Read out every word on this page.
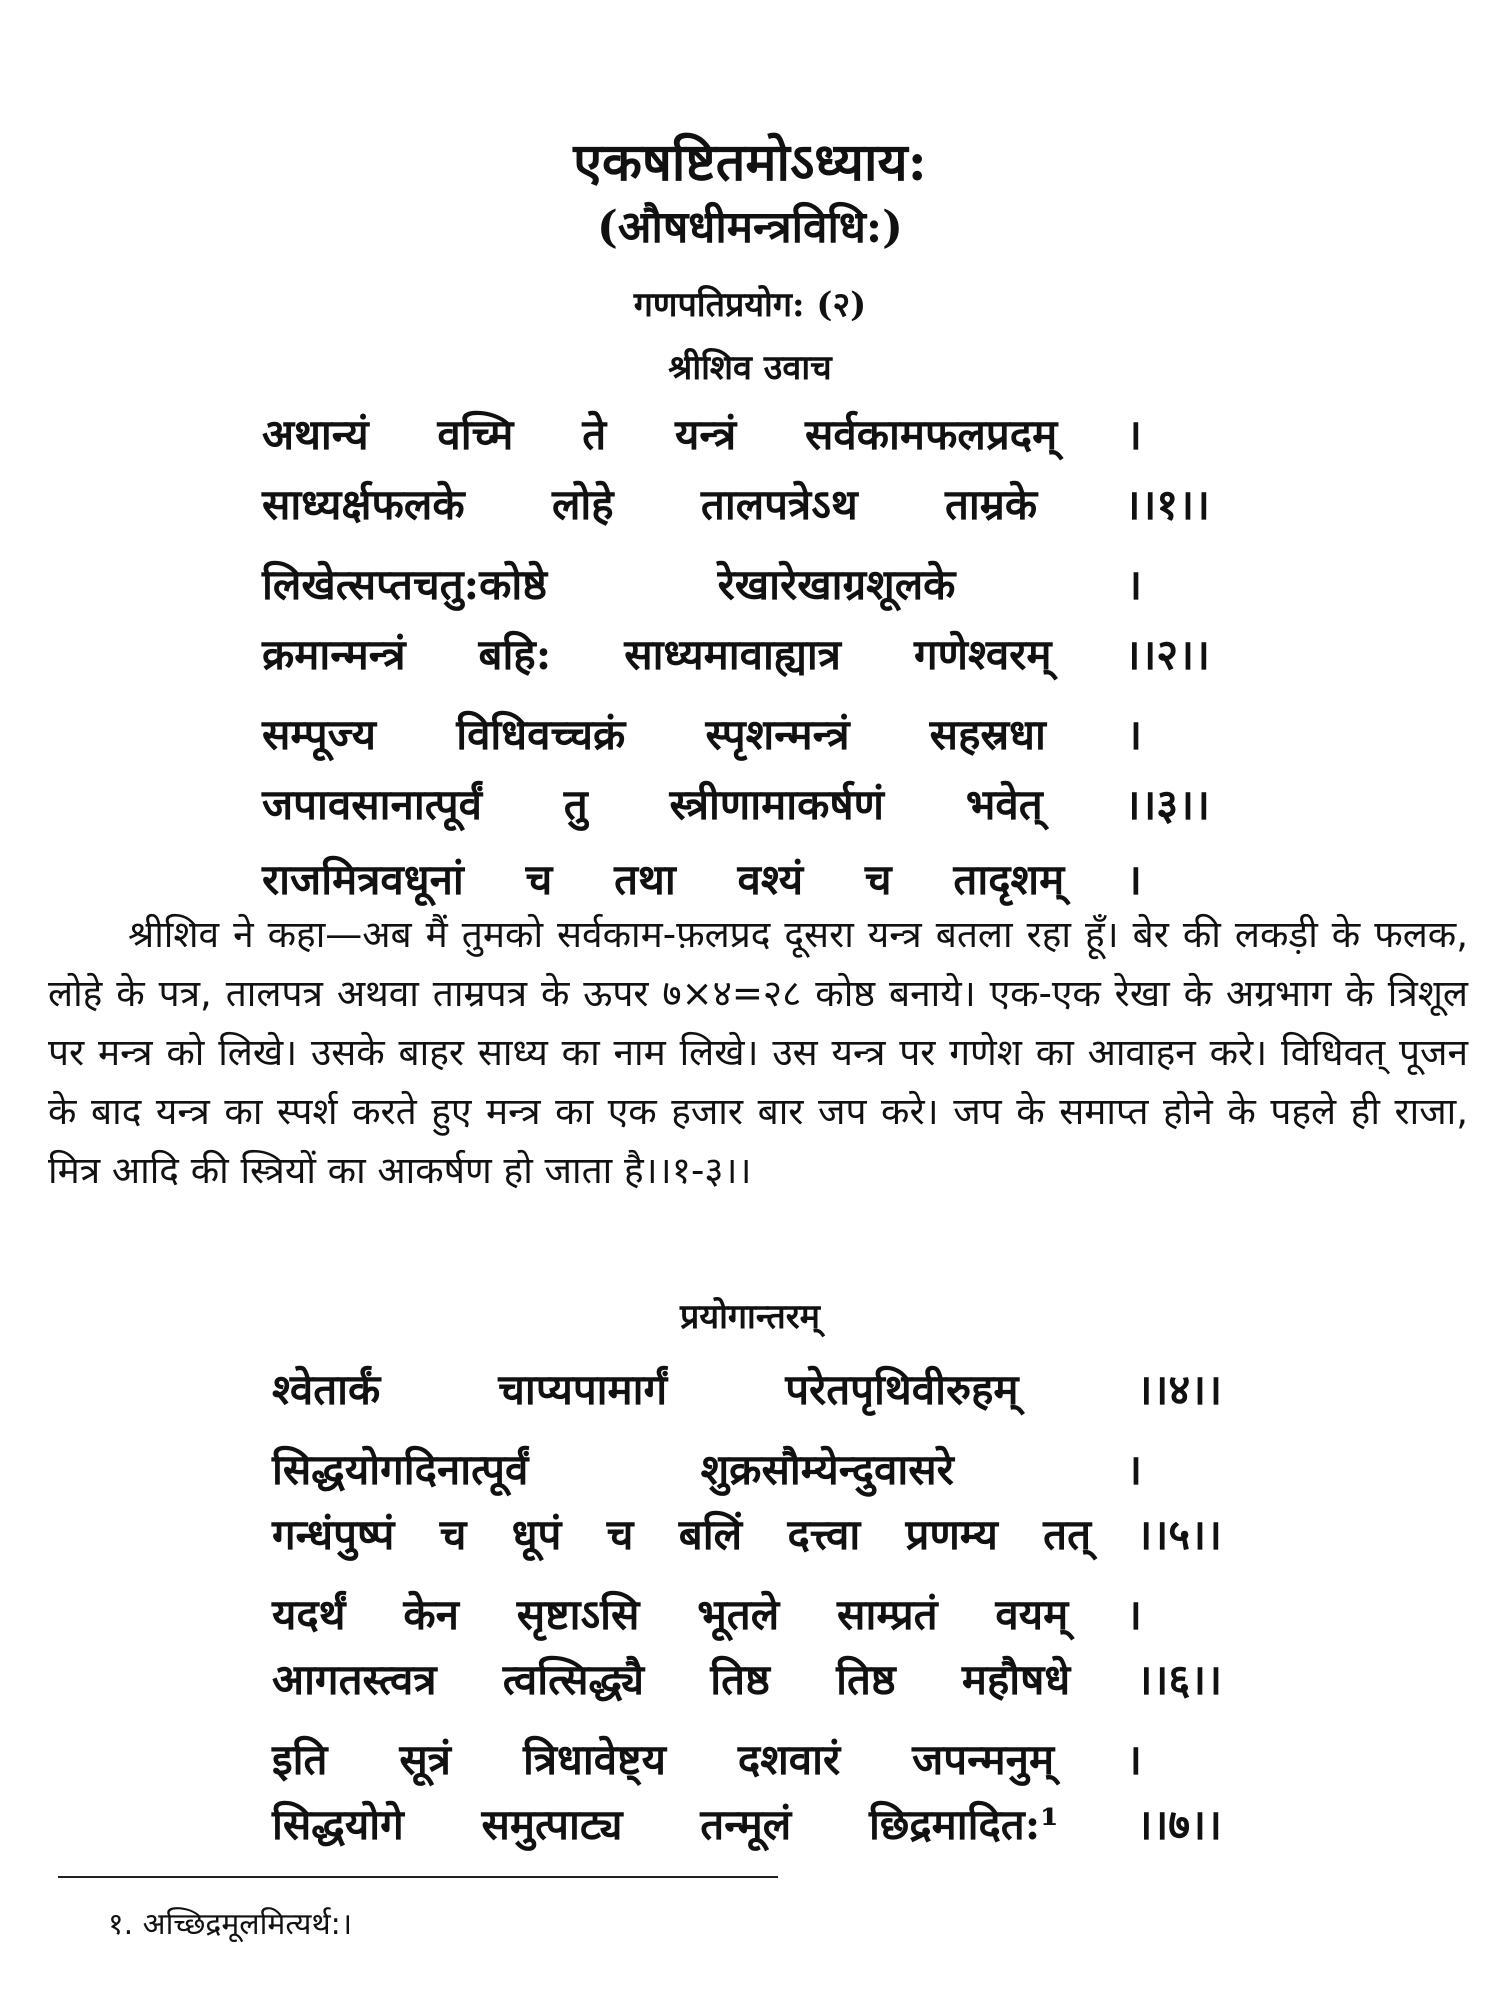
एकषष्टितमोऽध्याय:
(औषधीमन्त्रविधि:)
गणपतिप्रयोग: (२)
श्रीशिव उवाच
अथान्यं वच्मि ते यन्त्रं सर्वकामफलप्रदम् ।
साध्यर्क्षफलके लोहे तालपत्रेऽथ ताम्रके ।।१।।
लिखेत्सप्तचतु:कोष्ठे	रेखारेखाग्रशूलके	।
क्रमान्मन्त्रं बहि: साध्यमावाह्यात्र गणेश्वरम् ।।२।।
सम्पूज्य विधिवच्चक्रं स्पृशन्मन्त्रं सहस्रधा ।
जपावसानात्पूर्वं तु स्त्रीणामाकर्षणं भवेत् ।।३।।
राजमित्रवधूनां च तथा वश्यं च तादृशम् ।
श्रीशिव ने कहा—अब मैं तुमको सर्वकाम-फ़लप्रद दूसरा यन्त्र बतला रहा हूँ। बेर की लकड़ी के फलक, लोहे के पत्र, तालपत्र अथवा ताम्रपत्र के ऊपर ७×४=२८ कोष्ठ बनाये। एक-एक रेखा के अग्रभाग के त्रिशूल पर मन्त्र को लिखे। उसके बाहर साध्य का नाम लिखे। उस यन्त्र पर गणेश का आवाहन करे। विधिवत् पूजन के बाद यन्त्र का स्पर्श करते हुए मन्त्र का एक हजार बार जप करे। जप के समाप्त होने के पहले ही राजा, मित्र आदि की स्त्रियों का आकर्षण हो जाता है।।१-३।।
प्रयोगान्तरम्
श्वेतार्कं	चाप्यपामार्गं	परेतपृथिवीरुहम्	।।४।।
सिद्धयोगदिनात्पूर्वं	शुक्रसौम्येन्दुवासरे	।
गन्धंपुष्पं च धूपं च बलिं दत्त्वा प्रणम्य तत् ।।५।।
यदर्थं केन सृष्टाऽसि भूतले साम्प्रतं वयम् ।
आगतस्त्वत्र त्वत्सिद्ध्यै तिष्ठ तिष्ठ महौषधे ।।६।।
इति सूत्रं त्रिधावेष्ट्य दशवारं जपन्मनुम् ।
सिद्धयोगे समुत्पाट्य तन्मूलं छिद्रमादित:¹ ।।७।।
१. अच्छिद्रमूलमित्यर्थ:।
